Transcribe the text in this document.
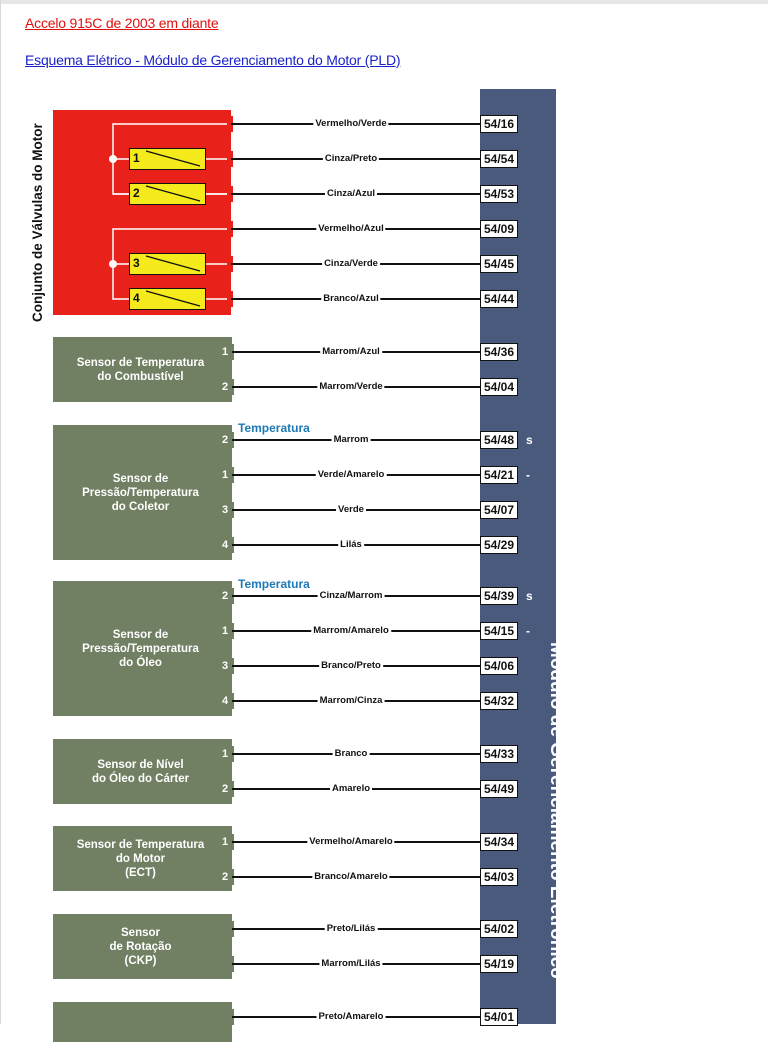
Accelo 915C de 2003 em diante
Esquema Elétrico - Módulo de Gerenciamento do Motor (PLD)
Módulo de Gerenciamento Eletrônico
1
2
3
4
Conjunto de Válvulas do Motor
Sensor de Temperatura
do Combustível
Sensor de
Pressão/Temperatura
do Coletor
Sensor de
Pressão/Temperatura
do Óleo
Sensor de Nível
do Óleo do Cárter
Sensor de Temperatura
do Motor
(ECT)
Sensor
de Rotação
(CKP)
Temperatura
Temperatura
Vermelho/Verde	54/16
Cinza/Preto	54/54
Cinza/Azul	54/53
Vermelho/Azul	54/09
Cinza/Verde	54/45
Branco/Azul	54/44
1	Marrom/Azul	54/36
2	Marrom/Verde	54/04
2	Marrom	54/48 s
1	Verde/Amarelo	54/21 -
3	Verde	54/07
4	Lilás	54/29
2	Cinza/Marrom	54/39 s
1	Marrom/Amarelo	54/15 -
3	Branco/Preto	54/06
4	Marrom/Cinza	54/32
1	Branco	54/33
2	Amarelo	54/49
1	Vermelho/Amarelo	54/34
2	Branco/Amarelo	54/03
Preto/Lilás	54/02
Marrom/Lilás	54/19
Preto/Amarelo	54/01
